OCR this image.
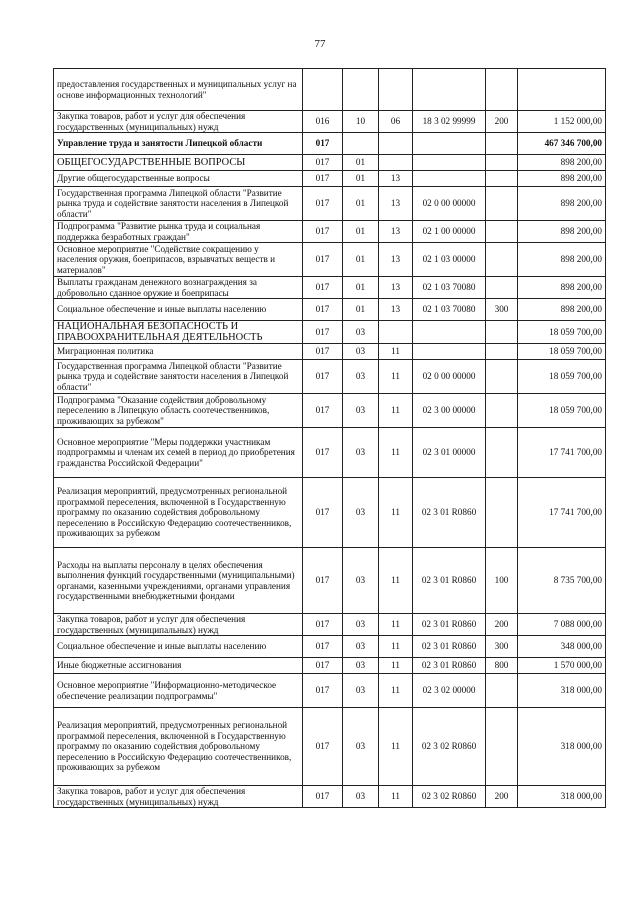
77
предоставления государственных и муниципальных услуг на основе информационных технологий"						
Закупка товаров, работ и услуг для обеспечения государственных (муниципальных) нужд	016	10	06	18 3 02 99999	200	1 152 000,00
Управление труда и занятости Липецкой области	017					467 346 700,00
ОБЩЕГОСУДАРСТВЕННЫЕ ВОПРОСЫ	017	01				898 200,00
Другие общегосударственные вопросы	017	01	13			898 200,00
Государственная программа Липецкой области "Развитие рынка труда и содействие занятости населения в Липецкой области"	017	01	13	02 0 00 00000		898 200,00
Подпрограмма "Развитие рынка труда и социальная поддержка безработных граждан"	017	01	13	02 1 00 00000		898 200,00
Основное мероприятие "Содействие сокращению у населения оружия, боеприпасов, взрывчатых веществ и материалов"	017	01	13	02 1 03 00000		898 200,00
Выплаты гражданам денежного вознаграждения за добровольно сданное оружие и боеприпасы	017	01	13	02 1 03 70080		898 200,00
Социальное обеспечение и иные выплаты населению	017	01	13	02 1 03 70080	300	898 200,00
НАЦИОНАЛЬНАЯ БЕЗОПАСНОСТЬ И ПРАВООХРАНИТЕЛЬНАЯ ДЕЯТЕЛЬНОСТЬ	017	03				18 059 700,00
Миграционная политика	017	03	11			18 059 700,00
Государственная программа Липецкой области "Развитие рынка труда и содействие занятости населения в Липецкой области"	017	03	11	02 0 00 00000		18 059 700,00
Подпрограмма "Оказание содействия добровольному переселению в Липецкую область соотечественников, проживающих за рубежом"	017	03	11	02 3 00 00000		18 059 700,00
Основное мероприятие "Меры поддержки участникам подпрограммы и членам их семей в период до приобретения гражданства Российской Федерации"	017	03	11	02 3 01 00000		17 741 700,00
Реализация мероприятий, предусмотренных региональной программой переселения, включенной в Государственную программу по оказанию содействия добровольному переселению в Российскую Федерацию соотечественников, проживающих за рубежом	017	03	11	02 3 01 R0860		17 741 700,00
Расходы на выплаты персоналу в целях обеспечения выполнения функций государственными (муниципальными) органами, казенными учреждениями, органами управления государственными внебюджетными фондами	017	03	11	02 3 01 R0860	100	8 735 700,00
Закупка товаров, работ и услуг для обеспечения государственных (муниципальных) нужд	017	03	11	02 3 01 R0860	200	7 088 000,00
Социальное обеспечение и иные выплаты населению	017	03	11	02 3 01 R0860	300	348 000,00
Иные бюджетные ассигнования	017	03	11	02 3 01 R0860	800	1 570 000,00
Основное мероприятие "Информационно-методическое обеспечение реализации подпрограммы"	017	03	11	02 3 02 00000		318 000,00
Реализация мероприятий, предусмотренных региональной программой переселения, включенной в Государственную программу по оказанию содействия добровольному переселению в Российскую Федерацию соотечественников, проживающих за рубежом	017	03	11	02 3 02 R0860		318 000,00
Закупка товаров, работ и услуг для обеспечения государственных (муниципальных) нужд	017	03	11	02 3 02 R0860	200	318 000,00
